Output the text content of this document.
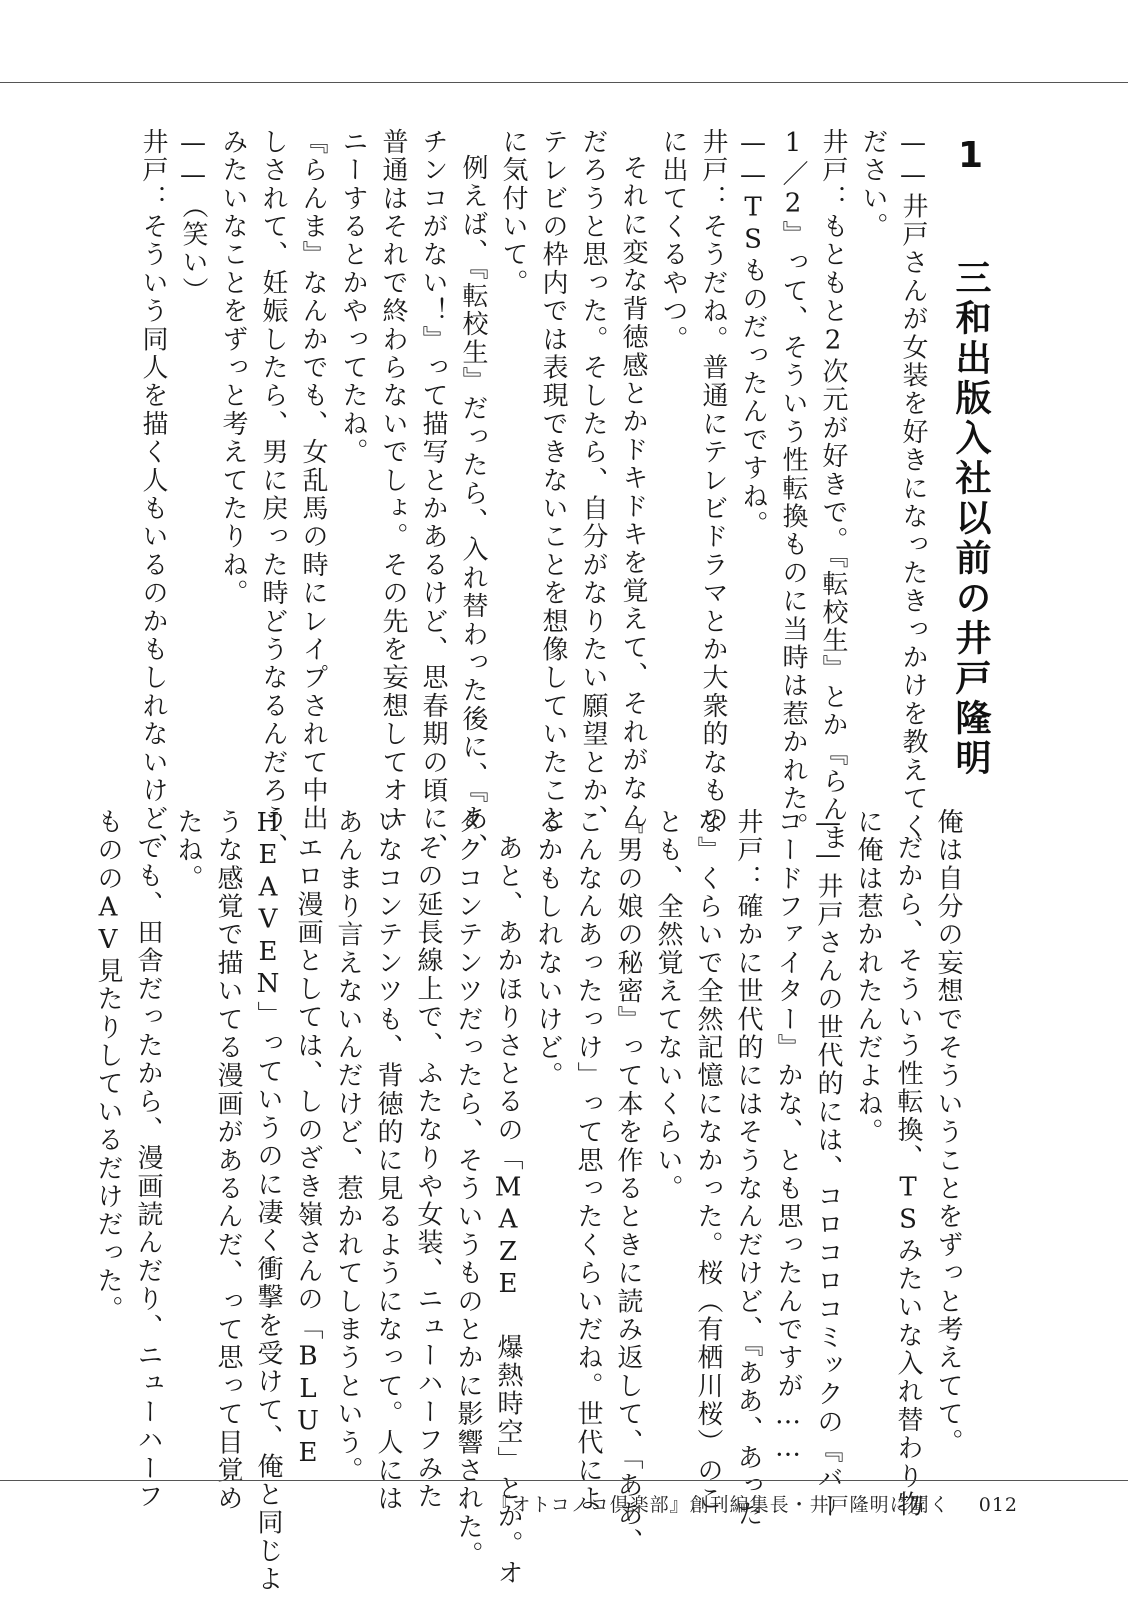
1 三和出版入社以前の井戸隆明
——井戸さんが女装を好きになったきっかけを教えてく
ださい。
井戸：もともと2次元が好きで。『転校生』とか『らんま
1／2』って、そういう性転換ものに当時は惹かれた。
——TSものだったんですね。
井戸：そうだね。普通にテレビドラマとか大衆的なもの
に出てくるやつ。
それに変な背徳感とかドキドキを覚えて、それがなん
だろうと思った。そしたら、自分がなりたい願望とか、
テレビの枠内では表現できないことを想像していたこと
に気付いて。
例えば、『転校生』だったら、入れ替わった後に、『あ、
チンコがない！』って描写とかあるけど、思春期の頃に、
普通はそれで終わらないでしょ。その先を妄想してオナ
ニーするとかやってたね。
『らんま』なんかでも、女乱馬の時にレイプされて中出
しされて、妊娠したら、男に戻った時どうなるんだろう、
みたいなことをずっと考えてたりね。
——（笑い）
井戸：そういう同人を描く人もいるのかもしれないけど、
俺は自分の妄想でそういうことをずっと考えてて。
だから、そういう性転換、TSみたいな入れ替わり物
に俺は惹かれたんだよね。
——井戸さんの世代的には、コロコロコミックの『バー
コードファイター』かな、とも思ったんですが……
井戸：確かに世代的にはそうなんだけど、『ああ、あった
な』くらいで全然記憶になかった。桜（有栖川桜）のこ
とも、全然覚えてないくらい。
『男の娘の秘密』って本を作るときに読み返して、「ああ、
こんなんあったっけ」って思ったくらいだね。世代によ
るかもしれないけど。
あと、あかほりさとるの「MAZE 爆熱時空」とか。オ
タクコンテンツだったら、そういうものとかに影響された。
その延長線上で、ふたなりや女装、ニューハーフみた
いなコンテンツも、背徳的に見るようになって。人には
あんまり言えないんだけど、惹かれてしまうという。
エロ漫画としては、しのざき嶺さんの「BLUE
HEAVEN」っていうのに凄く衝撃を受けて、俺と同じよ
うな感覚で描いてる漫画があるんだ、って思って目覚め
たね。
でも、田舎だったから、漫画読んだり、ニューハーフ
もののAV見たりしているだけだった。
『オトコノコ倶楽部』創刊編集長・井戸隆明に聞く 012
